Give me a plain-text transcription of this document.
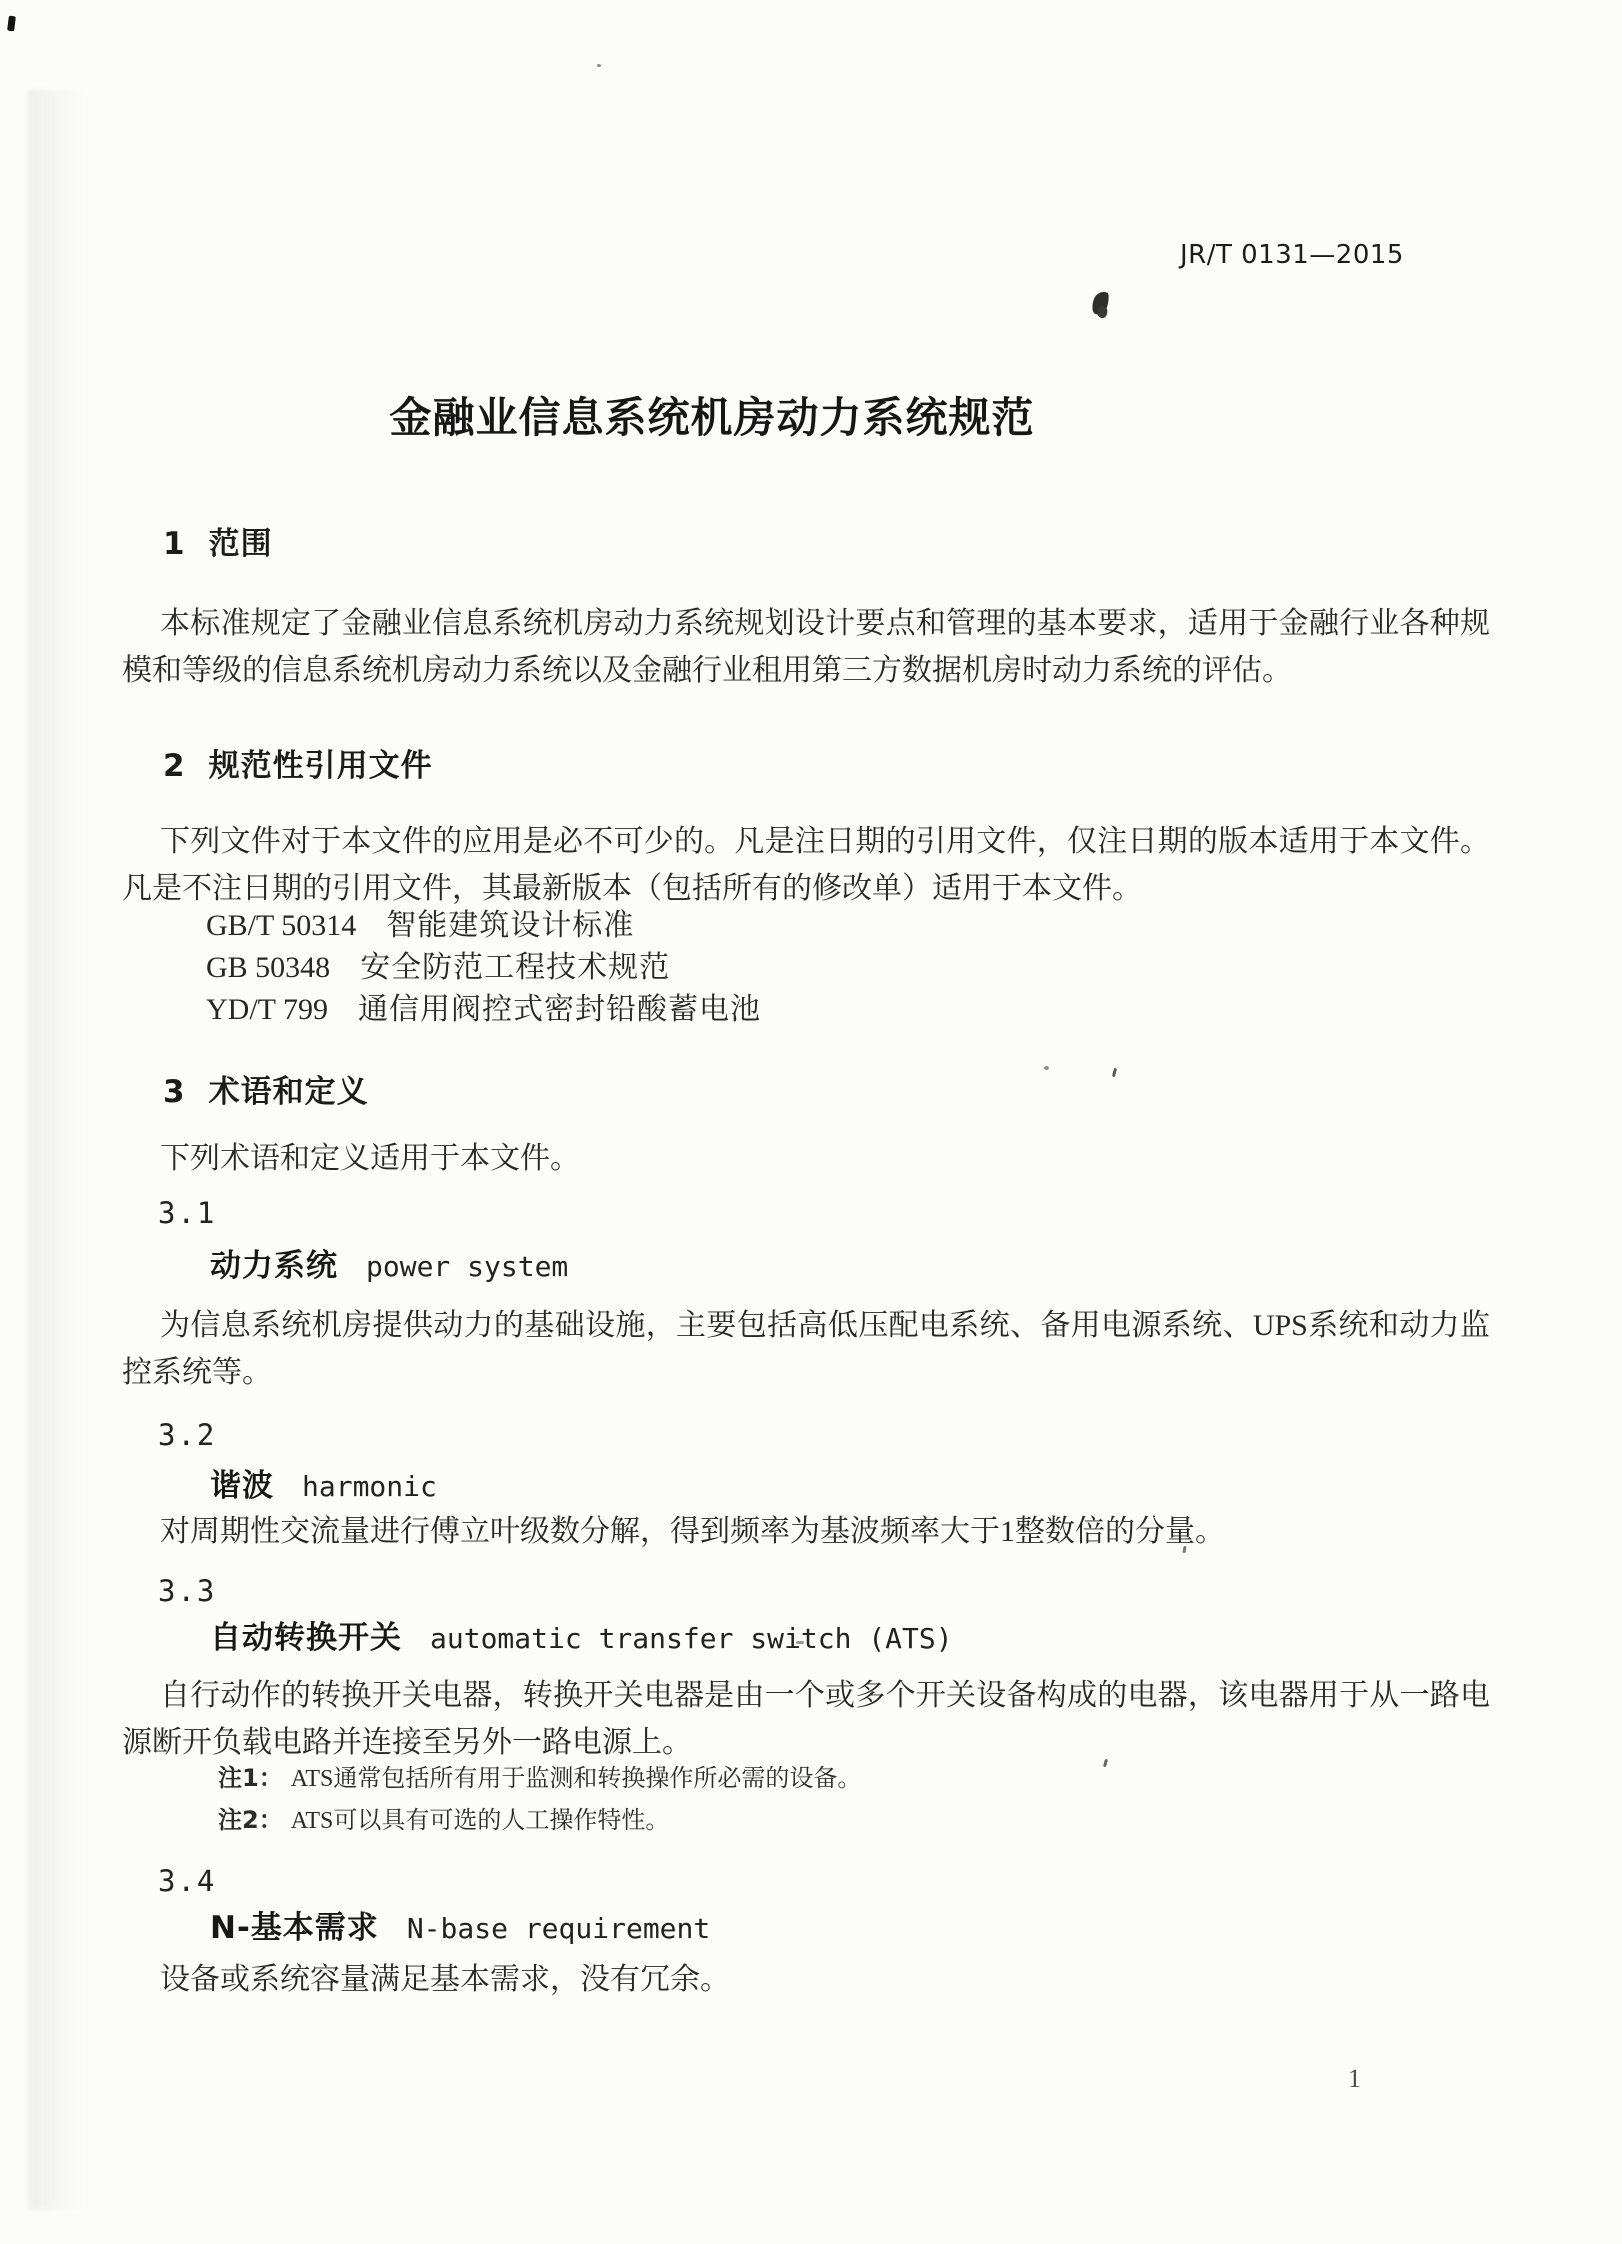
JR/T 0131—2015
金融业信息系统机房动力系统规范
1 范围
本标准规定了金融业信息系统机房动力系统规划设计要点和管理的基本要求，适用于金融行业各种规模和等级的信息系统机房动力系统以及金融行业租用第三方数据机房时动力系统的评估。
2 规范性引用文件
下列文件对于本文件的应用是必不可少的。凡是注日期的引用文件，仅注日期的版本适用于本文件。凡是不注日期的引用文件，其最新版本（包括所有的修改单）适用于本文件。
GB/T 50314 智能建筑设计标准
GB 50348 安全防范工程技术规范
YD/T 799 通信用阀控式密封铅酸蓄电池
3 术语和定义
下列术语和定义适用于本文件。
3.1
动力系统 power system
为信息系统机房提供动力的基础设施，主要包括高低压配电系统、备用电源系统、UPS系统和动力监控系统等。
3.2
谐波 harmonic
对周期性交流量进行傅立叶级数分解，得到频率为基波频率大于1整数倍的分量。
3.3
自动转换开关 automatic transfer switch (ATS)
自行动作的转换开关电器，转换开关电器是由一个或多个开关设备构成的电器，该电器用于从一路电源断开负载电路并连接至另外一路电源上。
注1： ATS通常包括所有用于监测和转换操作所必需的设备。
注2： ATS可以具有可选的人工操作特性。
3.4
N-基本需求 N-base requirement
设备或系统容量满足基本需求，没有冗余。
1
